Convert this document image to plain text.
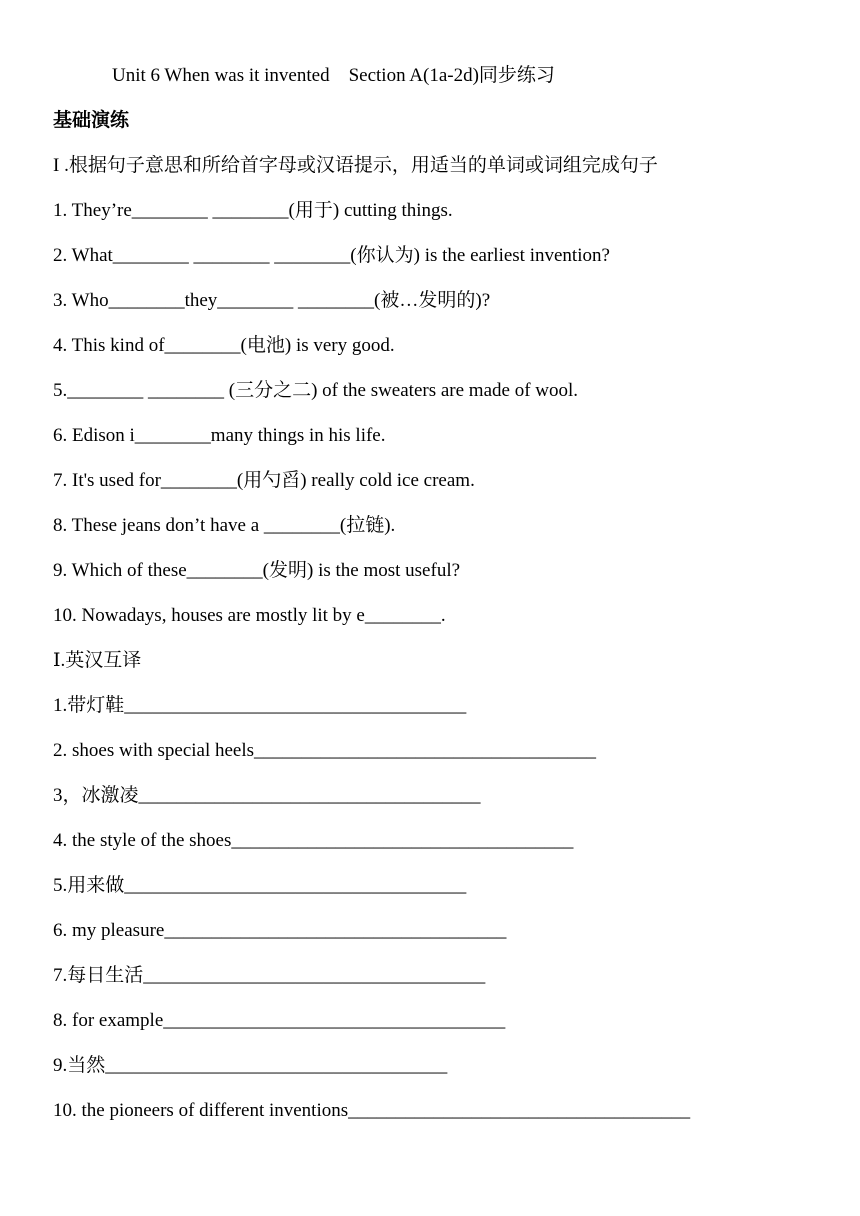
Unit 6 When was it invented    Section A(1a-2d)同步练习
基础演练
I .根据句子意思和所给首字母或汉语提示，用适当的单词或词组完成句子
1. They’re________ ________(用于) cutting things.
2. What________ ________ ________(你认为) is the earliest invention?
3. Who________they________ ________(被…发明的)?
4. This kind of________(电池) is very good.
5.________ ________ (三分之二) of the sweaters are made of wool.
6. Edison i________many things in his life.
7. It's used for________(用勺舀) really cold ice cream.
8. These jeans don’t have a ________(拉链).
9. Which of these________(发明) is the most useful?
10. Nowadays, houses are mostly lit by e________.
Ⅰ.英汉互译
1.带灯鞋____________________________________
2. shoes with special heels____________________________________
3，冰激凌____________________________________
4. the style of the shoes____________________________________
5.用来做____________________________________
6. my pleasure____________________________________
7.每日生活____________________________________
8. for example____________________________________
9.当然____________________________________
10. the pioneers of different inventions____________________________________
